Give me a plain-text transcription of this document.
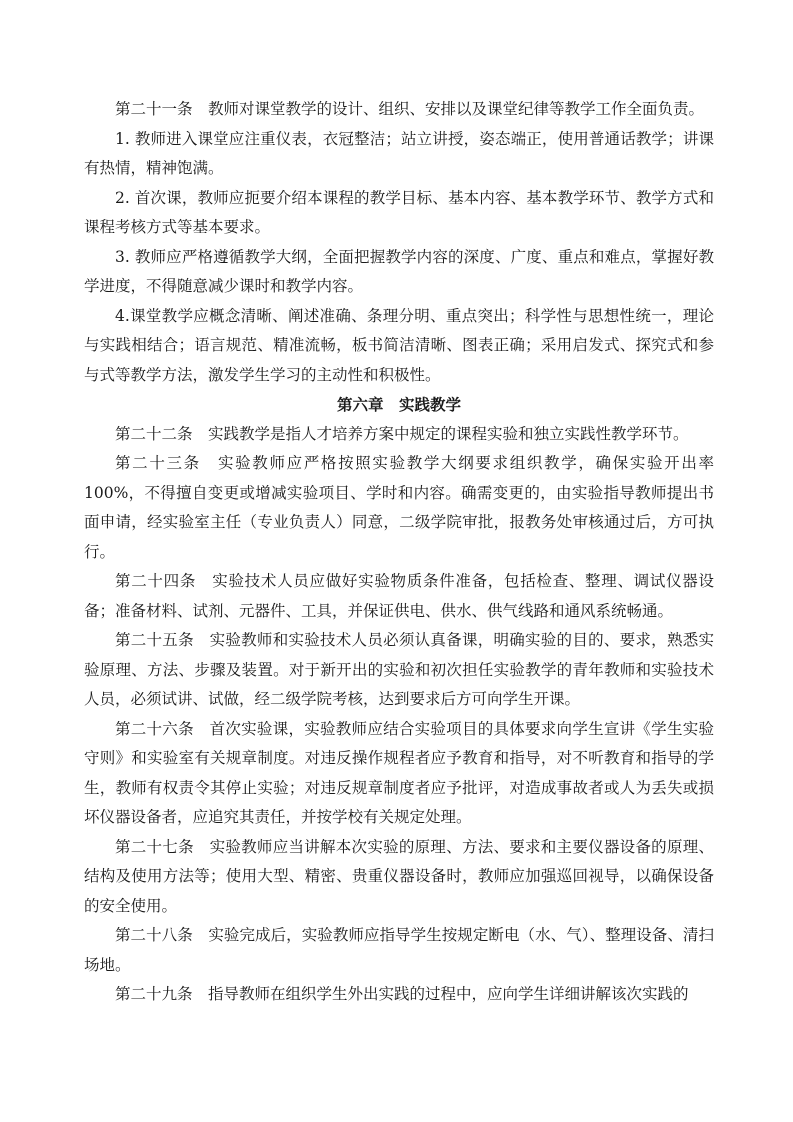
第二十一条　教师对课堂教学的设计、组织、安排以及课堂纪律等教学工作全面负责。

1. 教师进入课堂应注重仪表，衣冠整洁；站立讲授，姿态端正，使用普通话教学；讲课有热情，精神饱满。

2. 首次课，教师应扼要介绍本课程的教学目标、基本内容、基本教学环节、教学方式和课程考核方式等基本要求。

3. 教师应严格遵循教学大纲，全面把握教学内容的深度、广度、重点和难点，掌握好教学进度，不得随意减少课时和教学内容。

4.课堂教学应概念清晰、阐述准确、条理分明、重点突出；科学性与思想性统一，理论与实践相结合；语言规范、精准流畅，板书简洁清晰、图表正确；采用启发式、探究式和参与式等教学方法，激发学生学习的主动性和积极性。

第六章　实践教学

第二十二条　实践教学是指人才培养方案中规定的课程实验和独立实践性教学环节。

第二十三条　实验教师应严格按照实验教学大纲要求组织教学，确保实验开出率100%，不得擅自变更或增减实验项目、学时和内容。确需变更的，由实验指导教师提出书面申请，经实验室主任（专业负责人）同意，二级学院审批，报教务处审核通过后，方可执行。

第二十四条　实验技术人员应做好实验物质条件准备，包括检查、整理、调试仪器设备；准备材料、试剂、元器件、工具，并保证供电、供水、供气线路和通风系统畅通。

第二十五条　实验教师和实验技术人员必须认真备课，明确实验的目的、要求，熟悉实验原理、方法、步骤及装置。对于新开出的实验和初次担任实验教学的青年教师和实验技术人员，必须试讲、试做，经二级学院考核，达到要求后方可向学生开课。

第二十六条　首次实验课，实验教师应结合实验项目的具体要求向学生宣讲《学生实验守则》和实验室有关规章制度。对违反操作规程者应予教育和指导，对不听教育和指导的学生，教师有权责令其停止实验；对违反规章制度者应予批评，对造成事故者或人为丢失或损坏仪器设备者，应追究其责任，并按学校有关规定处理。

第二十七条　实验教师应当讲解本次实验的原理、方法、要求和主要仪器设备的原理、结构及使用方法等；使用大型、精密、贵重仪器设备时，教师应加强巡回视导，以确保设备的安全使用。

第二十八条　实验完成后，实验教师应指导学生按规定断电（水、气）、整理设备、清扫场地。

第二十九条　指导教师在组织学生外出实践的过程中，应向学生详细讲解该次实践的
